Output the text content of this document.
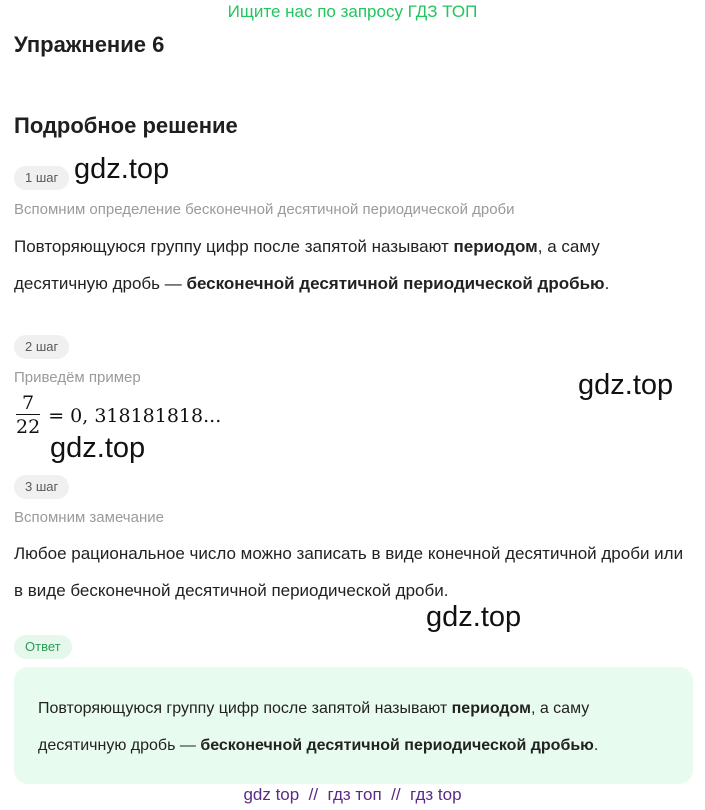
Ищите нас по запросу ГДЗ ТОП
Упражнение 6
Подробное решение
1 шаг gdz.top
Вспомним определение бесконечной десятичной периодической дроби
Повторяющуюся группу цифр после запятой называют периодом, а саму десятичную дробь — бесконечной десятичной периодической дробью.
2 шаг
Приведём пример	gdz.top
$\frac{7}{22} = 0$, 318181818...
gdz.top
3 шаг
Вспомним замечание
Любое рациональное число можно записать в виде конечной десятичной дроби или в виде бесконечной десятичной периодической дроби.
gdz.top
Ответ
Повторяющуюся группу цифр после запятой называют периодом, а саму десятичную дробь — бесконечной десятичной периодической дробью.
gdz top  //  гдз топ  //  гдз top
